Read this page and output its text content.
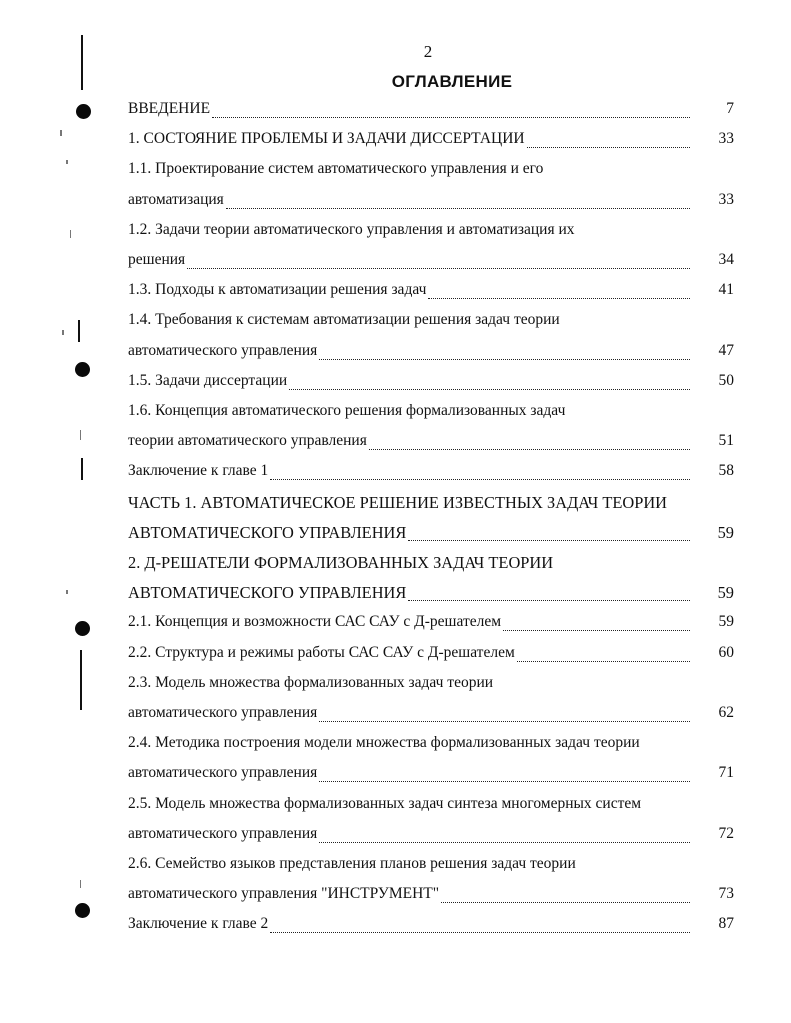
2
ОГЛАВЛЕНИЕ
ВВЕДЕНИЕ	7
1. СОСТОЯНИЕ ПРОБЛЕМЫ И ЗАДАЧИ ДИССЕРТАЦИИ	33
1.1. Проектирование систем автоматического управления и его
автоматизация	33
1.2. Задачи теории автоматического управления и автоматизация их
решения	34
1.3. Подходы к автоматизации решения задач	41
1.4. Требования к системам автоматизации решения задач теории
автоматического управления	47
1.5. Задачи диссертации	50
1.6. Концепция автоматического решения формализованных задач
теории автоматического управления	51
Заключение к главе 1	58
ЧАСТЬ 1. АВТОМАТИЧЕСКОЕ РЕШЕНИЕ ИЗВЕСТНЫХ ЗАДАЧ ТЕОРИИ
АВТОМАТИЧЕСКОГО УПРАВЛЕНИЯ	59
2. Д-РЕШАТЕЛИ ФОРМАЛИЗОВАННЫХ ЗАДАЧ ТЕОРИИ
АВТОМАТИЧЕСКОГО УПРАВЛЕНИЯ	59
2.1. Концепция и возможности САС САУ с Д-решателем	59
2.2. Структура и режимы работы САС САУ с Д-решателем	60
2.3. Модель множества формализованных задач теории
автоматического управления	62
2.4. Методика построения модели множества формализованных задач теории
автоматического управления	71
2.5. Модель множества формализованных задач синтеза многомерных систем
автоматического управления	72
2.6. Семейство языков представления планов решения задач теории
автоматического управления "ИНСТРУМЕНТ"	73
Заключение к главе 2	87
